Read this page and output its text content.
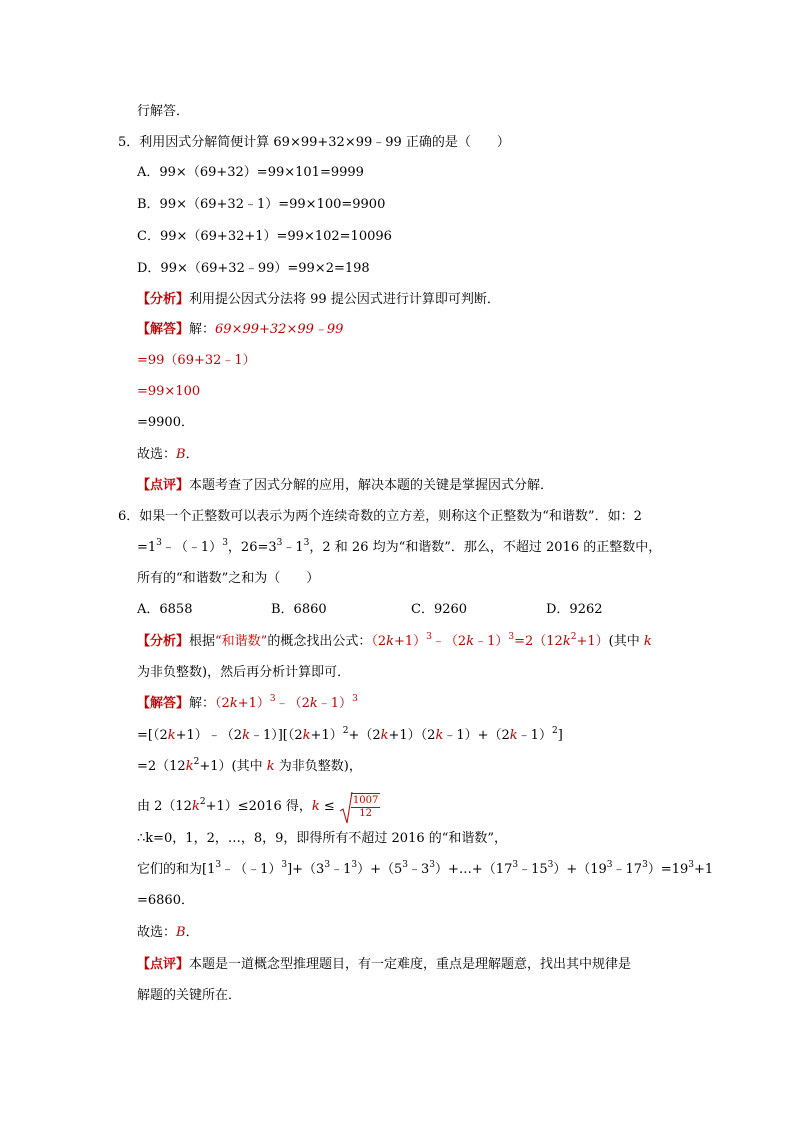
行解答．
5．利用因式分解简便计算 69×99+32×99﹣99 正确的是（　　）
A．99×（69+32）=99×101=9999
B．99×（69+32﹣1）=99×100=9900
C．99×（69+32+1）=99×102=10096
D．99×（69+32﹣99）=99×2=198
【分析】利用提公因式分法将 99 提公因式进行计算即可判断．
【解答】解：69×99+32×99﹣99
=99（69+32﹣1）
=99×100
=9900．
故选：B．
【点评】本题考查了因式分解的应用，解决本题的关键是掌握因式分解．
6．如果一个正整数可以表示为两个连续奇数的立方差，则称这个正整数为“和谐数”．如：2
$=1^3﹣(﹣1)^3$，$26=3^3﹣1^3$，2 和 26 均为“和谐数”．那么，不超过 2016 的正整数中，
所有的“和谐数”之和为（　　）
A．6858	B．6860	C．9260	D．9262
【分析】根据“和谐数”的概念找出公式：$(2k+1)^3﹣(2k﹣1)^3=2(12k^2+1)$(其中 k
为非负整数)，然后再分析计算即可．
【解答】解：$(2k+1)^3﹣(2k﹣1)^3$
$=[(2k+1)﹣(2k﹣1)][(2k+1)^2+(2k+1)(2k﹣1)+(2k﹣1)^2]$
$=2(12k^2+1)$(其中 k 为非负整数)，
由 $2(12k^2+1)\le 2016$ 得，$k \le \frac{1007}{12}$
∴k=0，1，2，…，8，9，即得所有不超过 2016 的“和谐数”，
它们的和为$[1^3﹣(﹣1)^3]+(3^3﹣1^3)+(5^3﹣3^3)+\dots+(17^3﹣15^3)+(19^3﹣17^3)=19^3+1$
=6860．
故选：B．
【点评】本题是一道概念型推理题目，有一定难度，重点是理解题意，找出其中规律是
解题的关键所在．
